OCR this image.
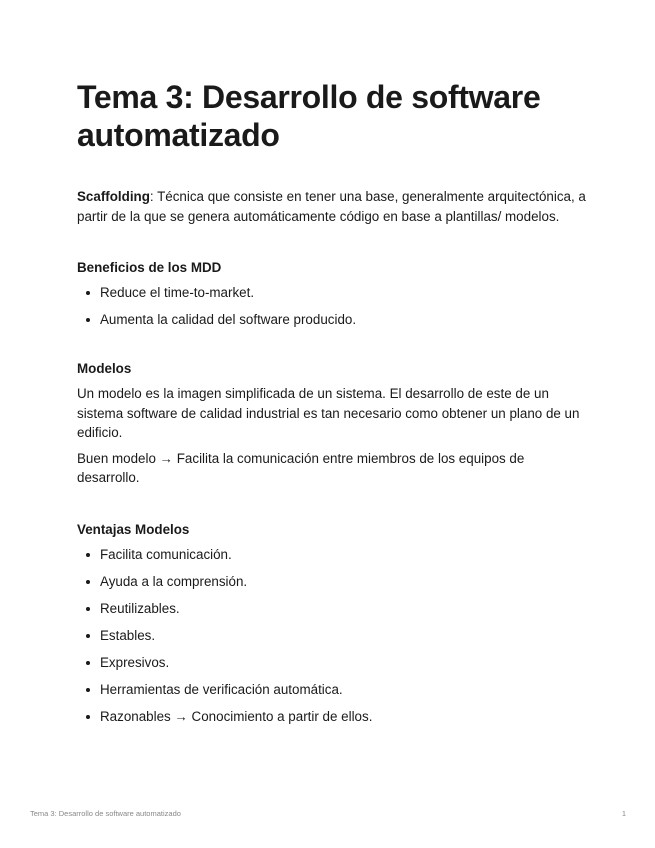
Tema 3: Desarrollo de software automatizado
Scaffolding: Técnica que consiste en tener una base, generalmente arquitectónica, a partir de la que se genera automáticamente código en base a plantillas/ modelos.
Beneficios de los MDD
Reduce el time-to-market.
Aumenta la calidad del software producido.
Modelos

Un modelo es la imagen simplificada de un sistema. El desarrollo de este de un sistema software de calidad industrial es tan necesario como obtener un plano de un edificio.

Buen modelo → Facilita la comunicación entre miembros de los equipos de desarrollo.

Ventajas Modelos
Facilita comunicación.
Ayuda a la comprensión.
Reutilizables.
Estables.
Expresivos.
Herramientas de verificación automática.
Razonables → Conocimiento a partir de ellos.
Tema 3: Desarrollo de software automatizado	1
